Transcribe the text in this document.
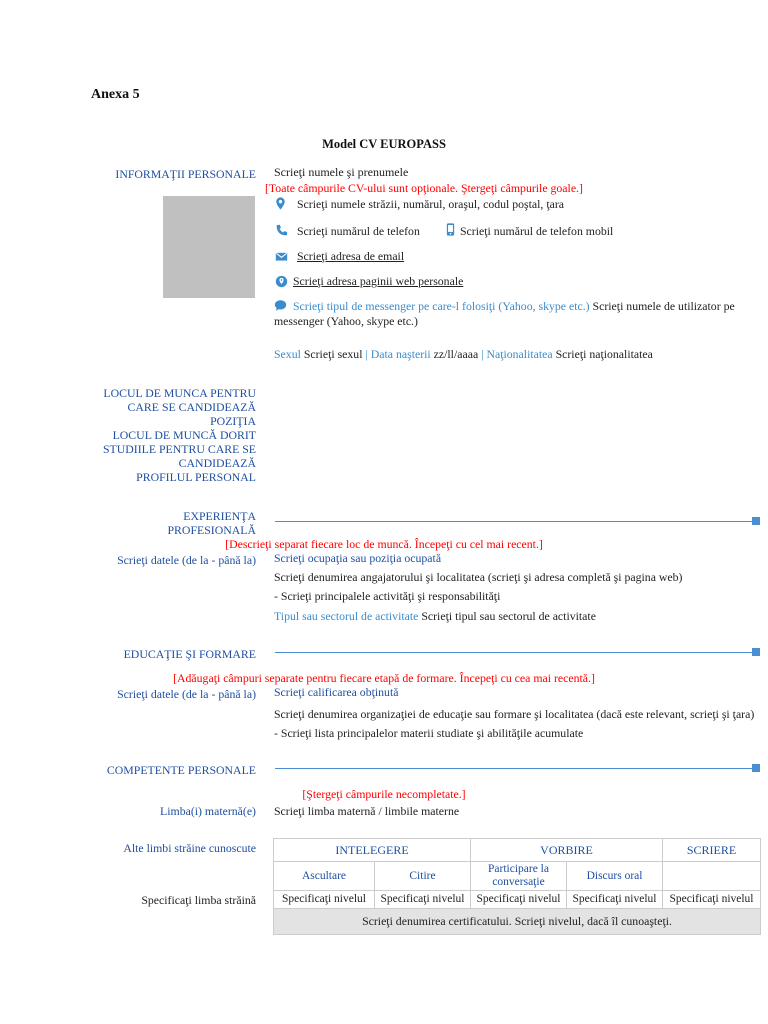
Anexa 5
Model CV EUROPASS
INFORMAŢII PERSONALE Scrieţi numele şi prenumele
[Toate câmpurile CV-ului sunt opţionale. Ştergeţi câmpurile goale.]
Scrieţi numele străzii, numărul, oraşul, codul poştal, ţara
Scrieţi numărul de telefon	Scrieţi numărul de telefon mobil
Scrieţi adresa de email
Scrieţi adresa paginii web personale
Scrieţi tipul de messenger pe care-l folosiţi (Yahoo, skype etc.) Scrieţi numele de utilizator pe messenger (Yahoo, skype etc.)
Sexul Scrieţi sexul | Data naşterii zz/ll/aaaa | Naţionalitatea Scrieţi naţionalitatea
LOCUL DE MUNCA PENTRU CARE SE CANDIDEAZĂ
POZIŢIA
LOCUL DE MUNCĂ DORIT
STUDIILE PENTRU CARE SE CANDIDEAZĂ
PROFILUL PERSONAL
EXPERIENŢA PROFESIONALĂ
[Descrieţi separat fiecare loc de muncă. Începeţi cu cel mai recent.]
Scrieţi datele (de la - până la) Scrieţi ocupaţia sau poziţia ocupată
Scrieţi denumirea angajatorului şi localitatea (scrieţi şi adresa completă şi pagina web)
- Scrieţi principalele activităţi şi responsabilităţi
Tipul sau sectorul de activitate Scrieţi tipul sau sectorul de activitate
EDUCAŢIE ŞI FORMARE
[Adăugaţi câmpuri separate pentru fiecare etapă de formare. Începeţi cu cea mai recentă.]
Scrieţi datele (de la - până la) Scrieţi calificarea obţinută
Scrieţi denumirea organizaţiei de educaţie sau formare şi localitatea (dacă este relevant, scrieţi şi ţara)
- Scrieţi lista principalelor materii studiate şi abilităţile acumulate
COMPETENTE PERSONALE
[Ştergeţi câmpurile necompletate.]
Limba(i) maternă(e) Scrieţi limba maternă / limbile materne
Alte limbi străine cunoscute
Specificaţi limba străină
INTELEGERE		VORBIRE		SCRIERE
Ascultare	Citire	Participare la conversaţie	Discurs oral	
Specificaţi nivelul	Specificaţi nivelul	Specificaţi nivelul	Specificaţi nivelul	Specificaţi nivelul
Scrieţi denumirea certificatului. Scrieţi nivelul, dacă îl cunoaşteţi.				
